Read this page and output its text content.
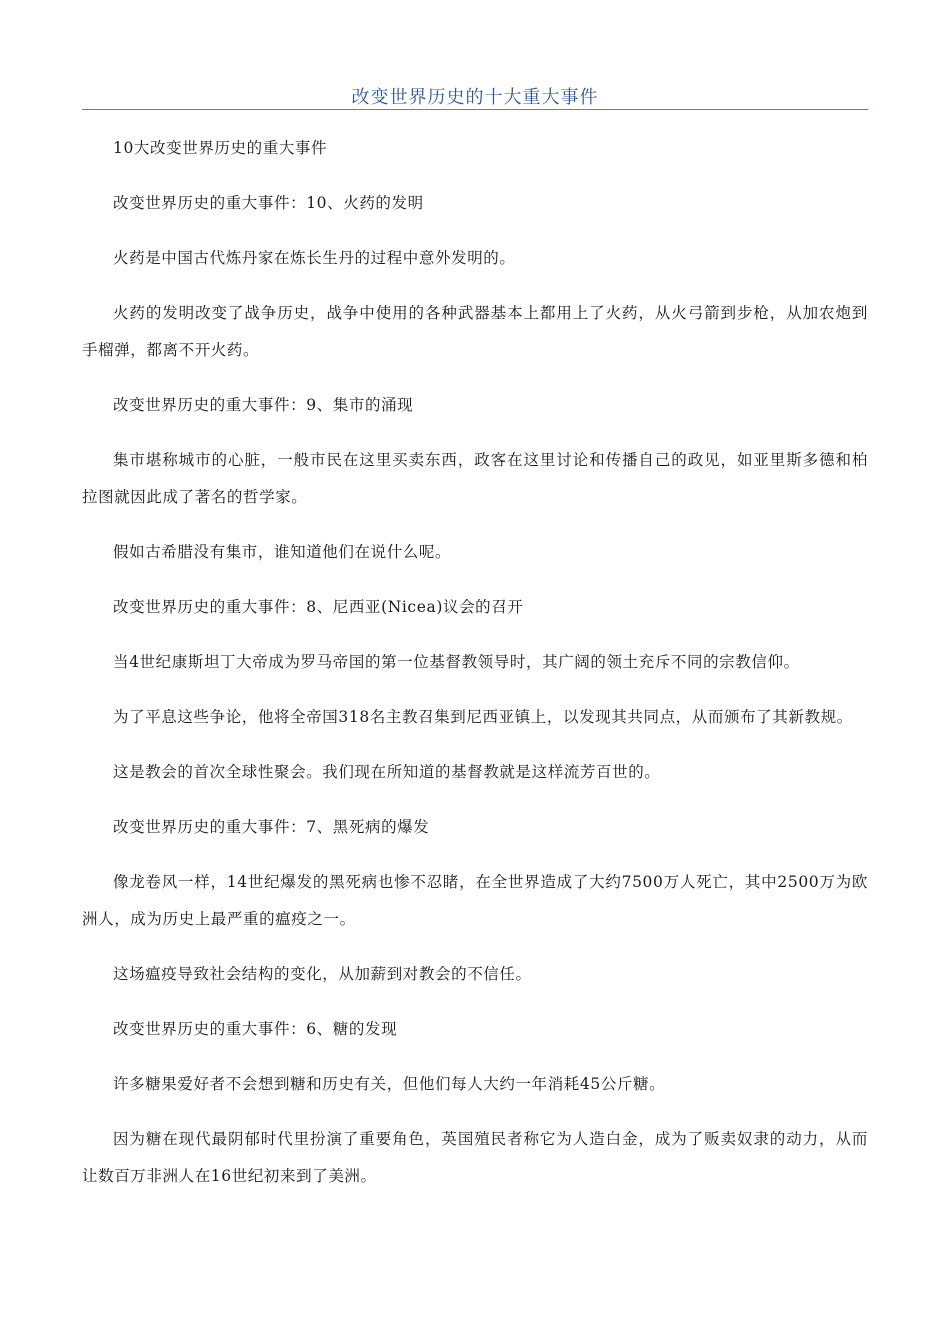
改变世界历史的十大重大事件

10大改变世界历史的重大事件

改变世界历史的重大事件：10、火药的发明

火药是中国古代炼丹家在炼长生丹的过程中意外发明的。

火药的发明改变了战争历史，战争中使用的各种武器基本上都用上了火药，从火弓箭到步枪，从加农炮到手榴弹，都离不开火药。

改变世界历史的重大事件：9、集市的涌现

集市堪称城市的心脏，一般市民在这里买卖东西，政客在这里讨论和传播自己的政见，如亚里斯多德和柏拉图就因此成了著名的哲学家。

假如古希腊没有集市，谁知道他们在说什么呢。

改变世界历史的重大事件：8、尼西亚(Nicea)议会的召开

当4世纪康斯坦丁大帝成为罗马帝国的第一位基督教领导时，其广阔的领土充斥不同的宗教信仰。

为了平息这些争论，他将全帝国318名主教召集到尼西亚镇上，以发现其共同点，从而颁布了其新教规。

这是教会的首次全球性聚会。我们现在所知道的基督教就是这样流芳百世的。

改变世界历史的重大事件：7、黑死病的爆发

像龙卷风一样，14世纪爆发的黑死病也惨不忍睹，在全世界造成了大约7500万人死亡，其中2500万为欧洲人，成为历史上最严重的瘟疫之一。

这场瘟疫导致社会结构的变化，从加薪到对教会的不信任。

改变世界历史的重大事件：6、糖的发现

许多糖果爱好者不会想到糖和历史有关，但他们每人大约一年消耗45公斤糖。

因为糖在现代最阴郁时代里扮演了重要角色，英国殖民者称它为人造白金，成为了贩卖奴隶的动力，从而让数百万非洲人在16世纪初来到了美洲。
